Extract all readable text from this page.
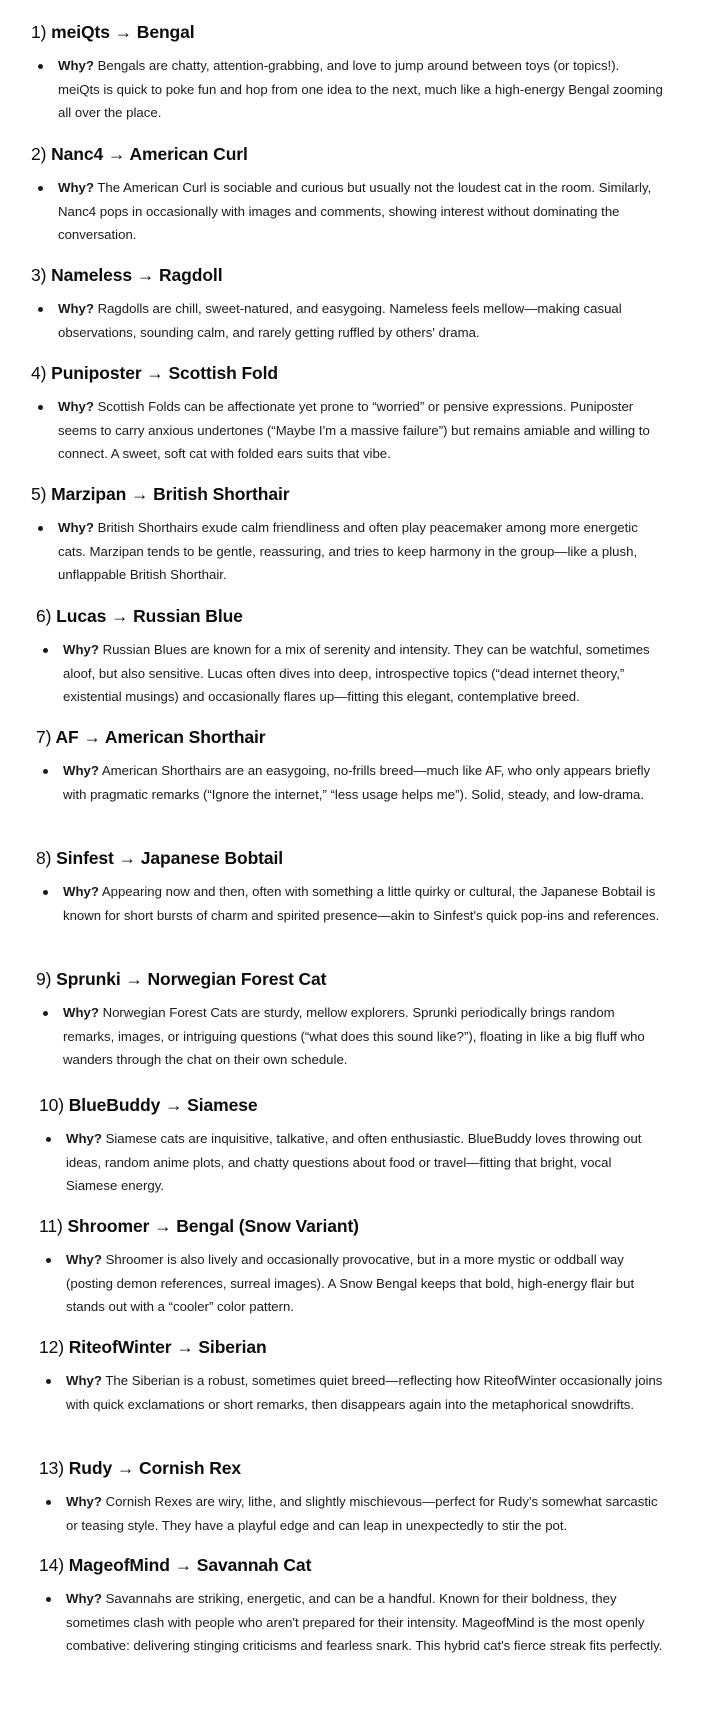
1) meiQts → Bengal
Why? Bengals are chatty, attention-grabbing, and love to jump around between toys (or topics!). meiQts is quick to poke fun and hop from one idea to the next, much like a high-energy Bengal zooming all over the place.
2) Nanc4 → American Curl
Why? The American Curl is sociable and curious but usually not the loudest cat in the room. Similarly, Nanc4 pops in occasionally with images and comments, showing interest without dominating the conversation.
3) Nameless → Ragdoll
Why? Ragdolls are chill, sweet-natured, and easygoing. Nameless feels mellow—making casual observations, sounding calm, and rarely getting ruffled by others' drama.
4) Puniposter → Scottish Fold
Why? Scottish Folds can be affectionate yet prone to “worried” or pensive expressions. Puniposter seems to carry anxious undertones (“Maybe I'm a massive failure”) but remains amiable and willing to connect. A sweet, soft cat with folded ears suits that vibe.
5) Marzipan → British Shorthair
Why? British Shorthairs exude calm friendliness and often play peacemaker among more energetic cats. Marzipan tends to be gentle, reassuring, and tries to keep harmony in the group—like a plush, unflappable British Shorthair.
6) Lucas → Russian Blue
Why? Russian Blues are known for a mix of serenity and intensity. They can be watchful, sometimes aloof, but also sensitive. Lucas often dives into deep, introspective topics (“dead internet theory,” existential musings) and occasionally flares up—fitting this elegant, contemplative breed.
7) AF → American Shorthair
Why? American Shorthairs are an easygoing, no-frills breed—much like AF, who only appears briefly with pragmatic remarks (“Ignore the internet,” “less usage helps me”). Solid, steady, and low-drama.
8) Sinfest → Japanese Bobtail
Why? Appearing now and then, often with something a little quirky or cultural, the Japanese Bobtail is known for short bursts of charm and spirited presence—akin to Sinfest's quick pop-ins and references.
9) Sprunki → Norwegian Forest Cat
Why? Norwegian Forest Cats are sturdy, mellow explorers. Sprunki periodically brings random remarks, images, or intriguing questions (“what does this sound like?”), floating in like a big fluff who wanders through the chat on their own schedule.
10) BlueBuddy → Siamese
Why? Siamese cats are inquisitive, talkative, and often enthusiastic. BlueBuddy loves throwing out ideas, random anime plots, and chatty questions about food or travel—fitting that bright, vocal Siamese energy.
11) Shroomer → Bengal (Snow Variant)
Why? Shroomer is also lively and occasionally provocative, but in a more mystic or oddball way (posting demon references, surreal images). A Snow Bengal keeps that bold, high-energy flair but stands out with a “cooler” color pattern.
12) RiteofWinter → Siberian
Why? The Siberian is a robust, sometimes quiet breed—reflecting how RiteofWinter occasionally joins with quick exclamations or short remarks, then disappears again into the metaphorical snowdrifts.
13) Rudy → Cornish Rex
Why? Cornish Rexes are wiry, lithe, and slightly mischievous—perfect for Rudy's somewhat sarcastic or teasing style. They have a playful edge and can leap in unexpectedly to stir the pot.
14) MageofMind → Savannah Cat
Why? Savannahs are striking, energetic, and can be a handful. Known for their boldness, they sometimes clash with people who aren't prepared for their intensity. MageofMind is the most openly combative: delivering stinging criticisms and fearless snark. This hybrid cat's fierce streak fits perfectly.
